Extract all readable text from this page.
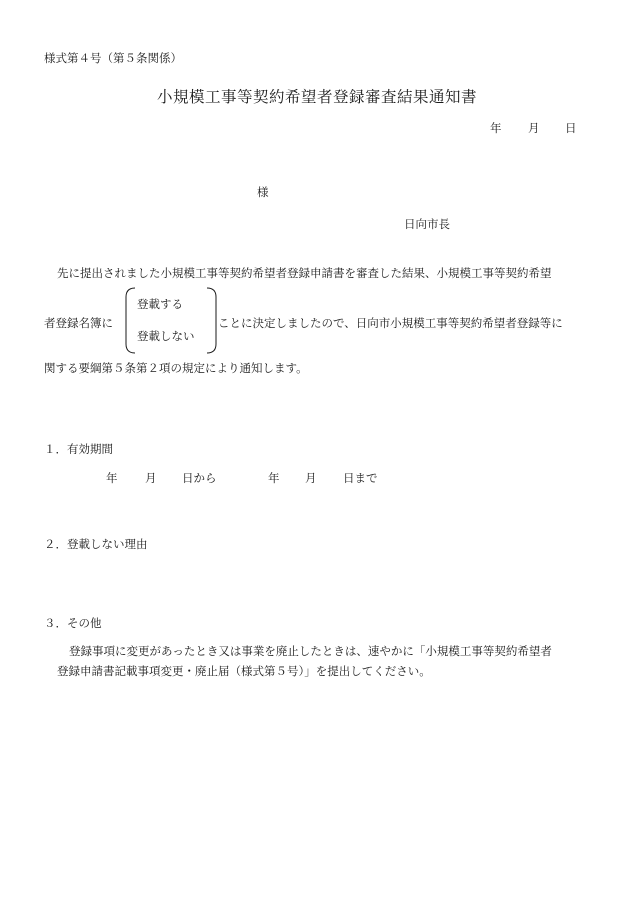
様式第４号（第５条関係）
小規模工事等契約希望者登録審査結果通知書
年 月 日
様
日向市長
先に提出されました小規模工事等契約希望者登録申請書を審査した結果、小規模工事等契約希望
者登録名簿に
登載する
登載しない
ことに決定しましたので、日向市小規模工事等契約希望者登録等に
関する要綱第５条第２項の規定により通知します。
１．有効期間
年 月 日から	年 月 日まで
２．登載しない理由
３．その他
登録事項に変更があったとき又は事業を廃止したときは、速やかに「小規模工事等契約希望者
登録申請書記載事項変更・廃止届（様式第５号）」を提出してください。
